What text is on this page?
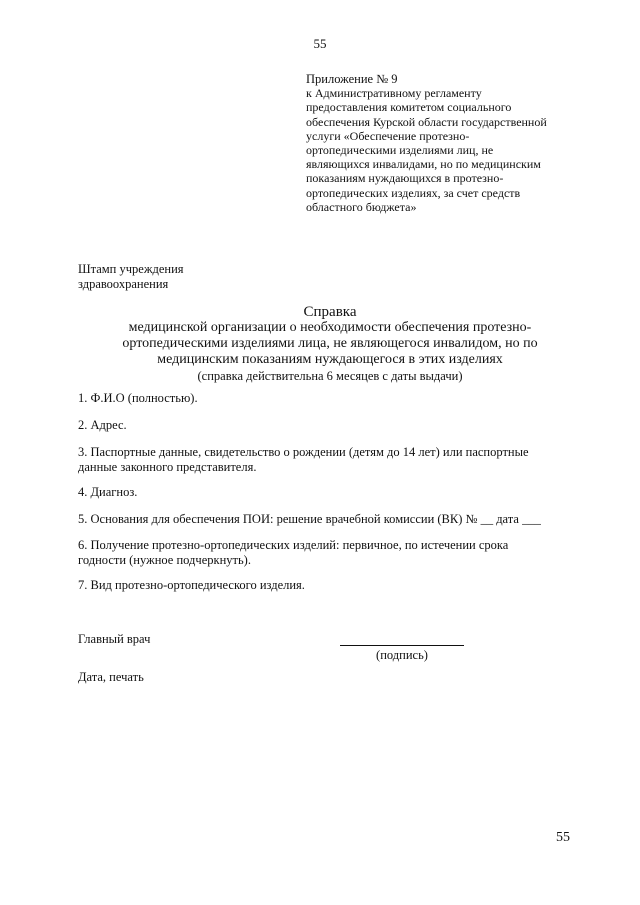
55
Приложение № 9
к Административному регламенту
предоставления комитетом социального
обеспечения Курской области государственной
услуги «Обеспечение протезно-
ортопедическими изделиями лиц, не
являющихся инвалидами, но по медицинским
показаниям нуждающихся в протезно-
ортопедических изделиях, за счет средств
областного бюджета»
Штамп учреждения
здравоохранения
Справка
медицинской организации о необходимости обеспечения протезно-
ортопедическими изделиями лица, не являющегося инвалидом, но по
медицинским показаниям нуждающегося в этих изделиях
(справка действительна 6 месяцев с даты выдачи)
1. Ф.И.О (полностью).
2. Адрес.
3. Паспортные данные, свидетельство о рождении (детям до 14 лет) или паспортные
данные законного представителя.
4. Диагноз.
5. Основания для обеспечения ПОИ: решение врачебной комиссии (ВК) № __ дата ___
6. Получение протезно-ортопедических изделий: первичное, по истечении срока
годности (нужное подчеркнуть).
7. Вид протезно-ортопедического изделия.
Главный врач
(подпись)
Дата, печать
55
